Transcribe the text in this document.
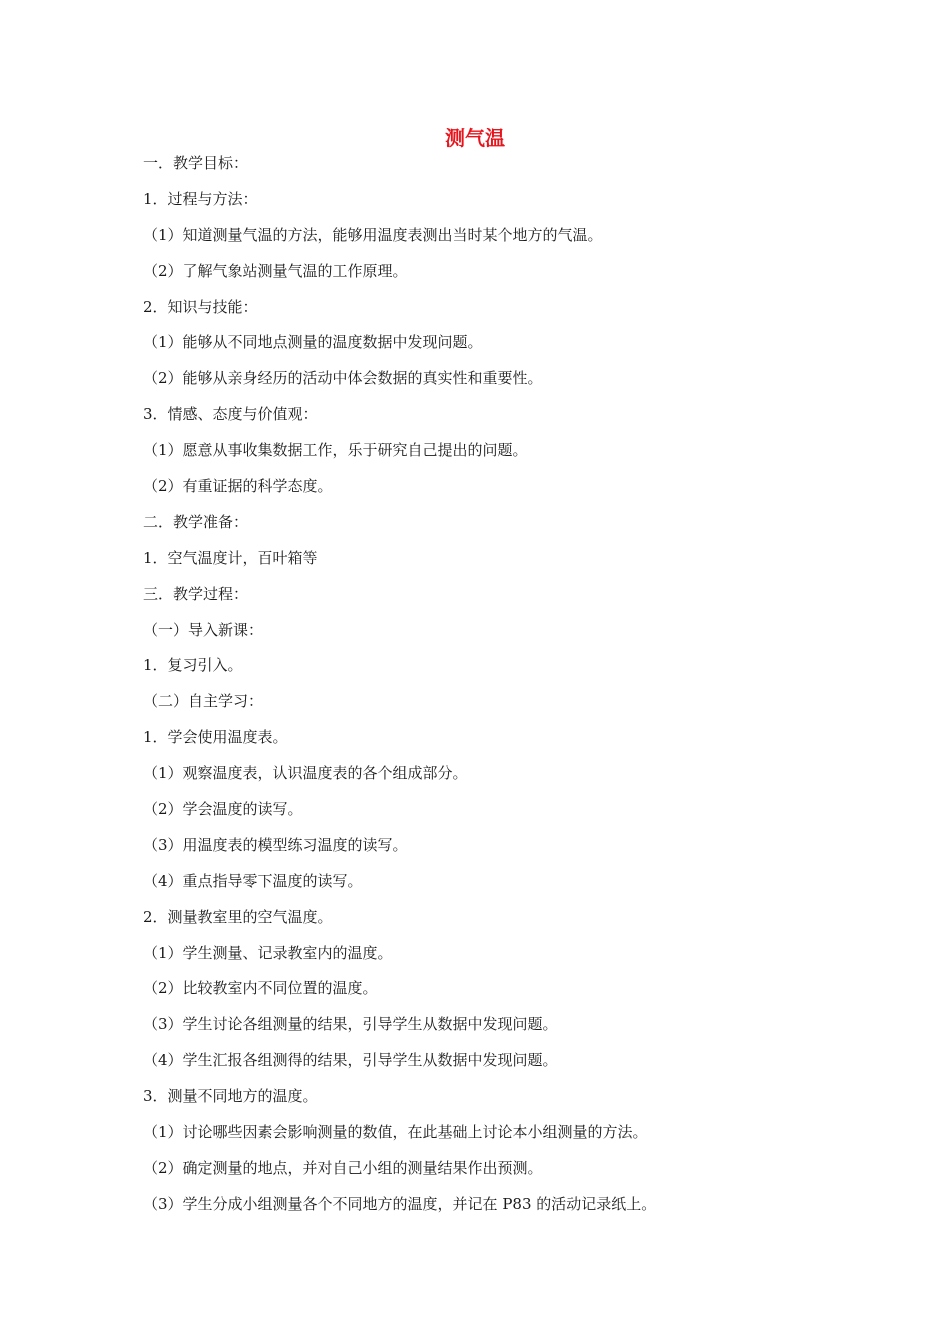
测气温
一．教学目标：
1．过程与方法：
（1）知道测量气温的方法，能够用温度表测出当时某个地方的气温。
（2）了解气象站测量气温的工作原理。
2．知识与技能：
（1）能够从不同地点测量的温度数据中发现问题。
（2）能够从亲身经历的活动中体会数据的真实性和重要性。
3．情感、态度与价值观：
（1）愿意从事收集数据工作，乐于研究自己提出的问题。
（2）有重证据的科学态度。
二．教学准备：
1．空气温度计，百叶箱等
三．教学过程：
（一）导入新课：
1．复习引入。
（二）自主学习：
1．学会使用温度表。
（1）观察温度表，认识温度表的各个组成部分。
（2）学会温度的读写。
（3）用温度表的模型练习温度的读写。
（4）重点指导零下温度的读写。
2．测量教室里的空气温度。
（1）学生测量、记录教室内的温度。
（2）比较教室内不同位置的温度。
（3）学生讨论各组测量的结果，引导学生从数据中发现问题。
（4）学生汇报各组测得的结果，引导学生从数据中发现问题。
3．测量不同地方的温度。
（1）讨论哪些因素会影响测量的数值，在此基础上讨论本小组测量的方法。
（2）确定测量的地点，并对自己小组的测量结果作出预测。
（3）学生分成小组测量各个不同地方的温度，并记在 P83 的活动记录纸上。
